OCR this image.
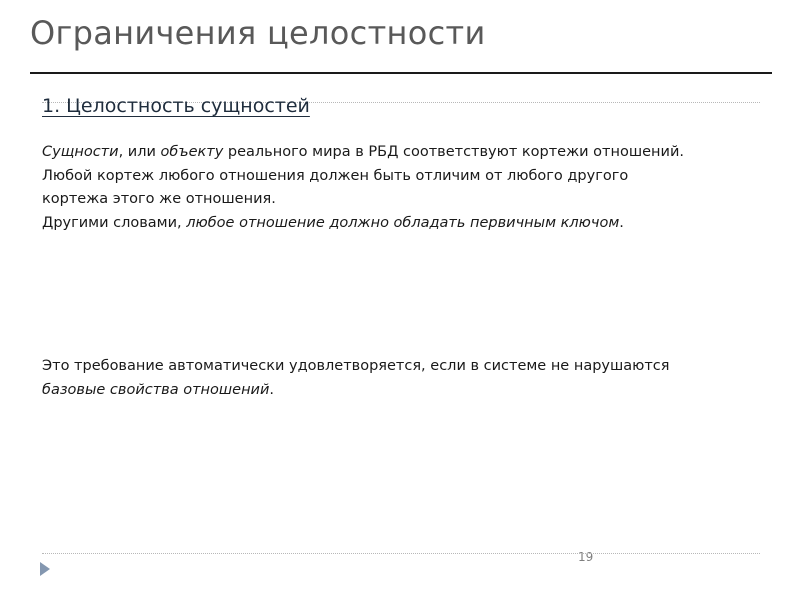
Ограничения целостности
1. Целостность сущностей
Сущности, или объекту реального мира в РБД соответствуют кортежи отношений.
Любой кортеж любого отношения должен быть отличим от любого другого
кортежа этого же отношения.
Другими словами, любое отношение должно обладать первичным ключом.
Это требование автоматически удовлетворяется, если в системе не нарушаются
базовые свойства отношений.
19
